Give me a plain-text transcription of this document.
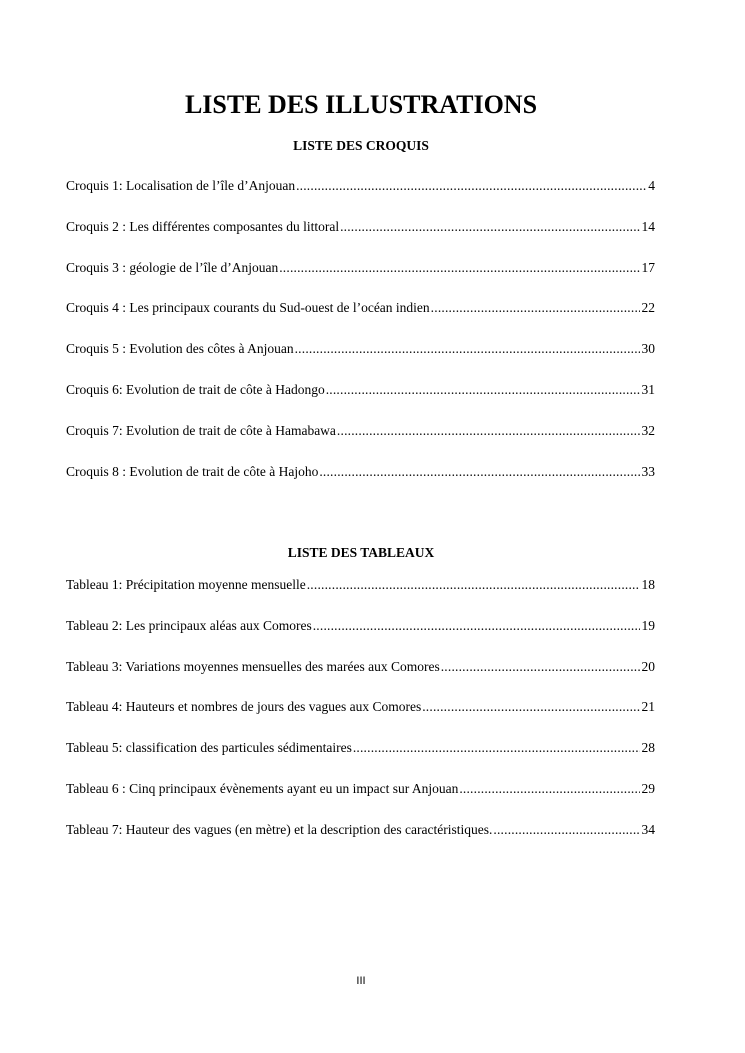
LISTE DES ILLUSTRATIONS
LISTE DES CROQUIS
Croquis 1: Localisation de l’île d’Anjouan .....	4
Croquis 2 : Les différentes composantes du littoral .....	14
Croquis 3 : géologie de l’île d’Anjouan .....	17
Croquis 4 : Les principaux courants du Sud-ouest de l’océan indien .....	22
Croquis 5 : Evolution des côtes à Anjouan .....	30
Croquis 6: Evolution de trait de côte à Hadongo .....	31
Croquis 7: Evolution de trait de côte à Hamabawa .....	32
Croquis 8 : Evolution de trait de côte à Hajoho .....	33
LISTE DES TABLEAUX
Tableau 1: Précipitation moyenne mensuelle .....	18
Tableau 2: Les principaux aléas aux Comores .....	19
Tableau 3: Variations moyennes mensuelles des marées aux Comores .....	20
Tableau 4: Hauteurs et nombres de jours des vagues aux Comores .....	21
Tableau 5: classification des particules sédimentaires .....	28
Tableau 6 : Cinq principaux évènements ayant eu un impact sur Anjouan .....	29
Tableau 7: Hauteur des vagues (en mètre) et la description des caractéristiques. .....	34
III
